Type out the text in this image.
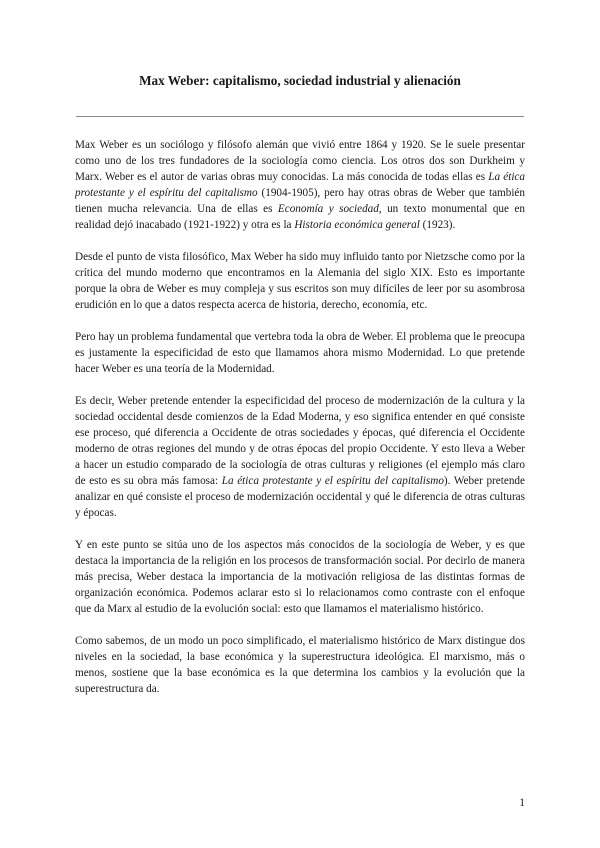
Max Weber: capitalismo, sociedad industrial y alienación

Max Weber es un sociólogo y filósofo alemán que vivió entre 1864 y 1920. Se le suele presentar como uno de los tres fundadores de la sociología como ciencia. Los otros dos son Durkheim y Marx. Weber es el autor de varias obras muy conocidas. La más conocida de todas ellas es La ética protestante y el espíritu del capitalismo (1904-1905), pero hay otras obras de Weber que también tienen mucha relevancia. Una de ellas es Economía y sociedad, un texto monumental que en realidad dejó inacabado (1921-1922) y otra es la Historia económica general (1923).

Desde el punto de vista filosófico, Max Weber ha sido muy influido tanto por Nietzsche como por la crítica del mundo moderno que encontramos en la Alemania del siglo XIX. Esto es importante porque la obra de Weber es muy compleja y sus escritos son muy difíciles de leer por su asombrosa erudición en lo que a datos respecta acerca de historia, derecho, economía, etc.

Pero hay un problema fundamental que vertebra toda la obra de Weber. El problema que le preocupa es justamente la especificidad de esto que llamamos ahora mismo Modernidad. Lo que pretende hacer Weber es una teoría de la Modernidad.

Es decir, Weber pretende entender la especificidad del proceso de modernización de la cultura y la sociedad occidental desde comienzos de la Edad Moderna, y eso significa entender en qué consiste ese proceso, qué diferencia a Occidente de otras sociedades y épocas, qué diferencia el Occidente moderno de otras regiones del mundo y de otras épocas del propio Occidente. Y esto lleva a Weber a hacer un estudio comparado de la sociología de otras culturas y religiones (el ejemplo más claro de esto es su obra más famosa: La ética protestante y el espíritu del capitalismo). Weber pretende analizar en qué consiste el proceso de modernización occidental y qué le diferencia de otras culturas y épocas.

Y en este punto se sitúa uno de los aspectos más conocidos de la sociología de Weber, y es que destaca la importancia de la religión en los procesos de transformación social. Por decirlo de manera más precisa, Weber destaca la importancia de la motivación religiosa de las distintas formas de organización económica. Podemos aclarar esto si lo relacionamos como contraste con el enfoque que da Marx al estudio de la evolución social: esto que llamamos el materialismo histórico.

Como sabemos, de un modo un poco simplificado, el materialismo histórico de Marx distingue dos niveles en la sociedad, la base económica y la superestructura ideológica. El marxismo, más o menos, sostiene que la base económica es la que determina los cambios y la evolución que la superestructura da.

1
